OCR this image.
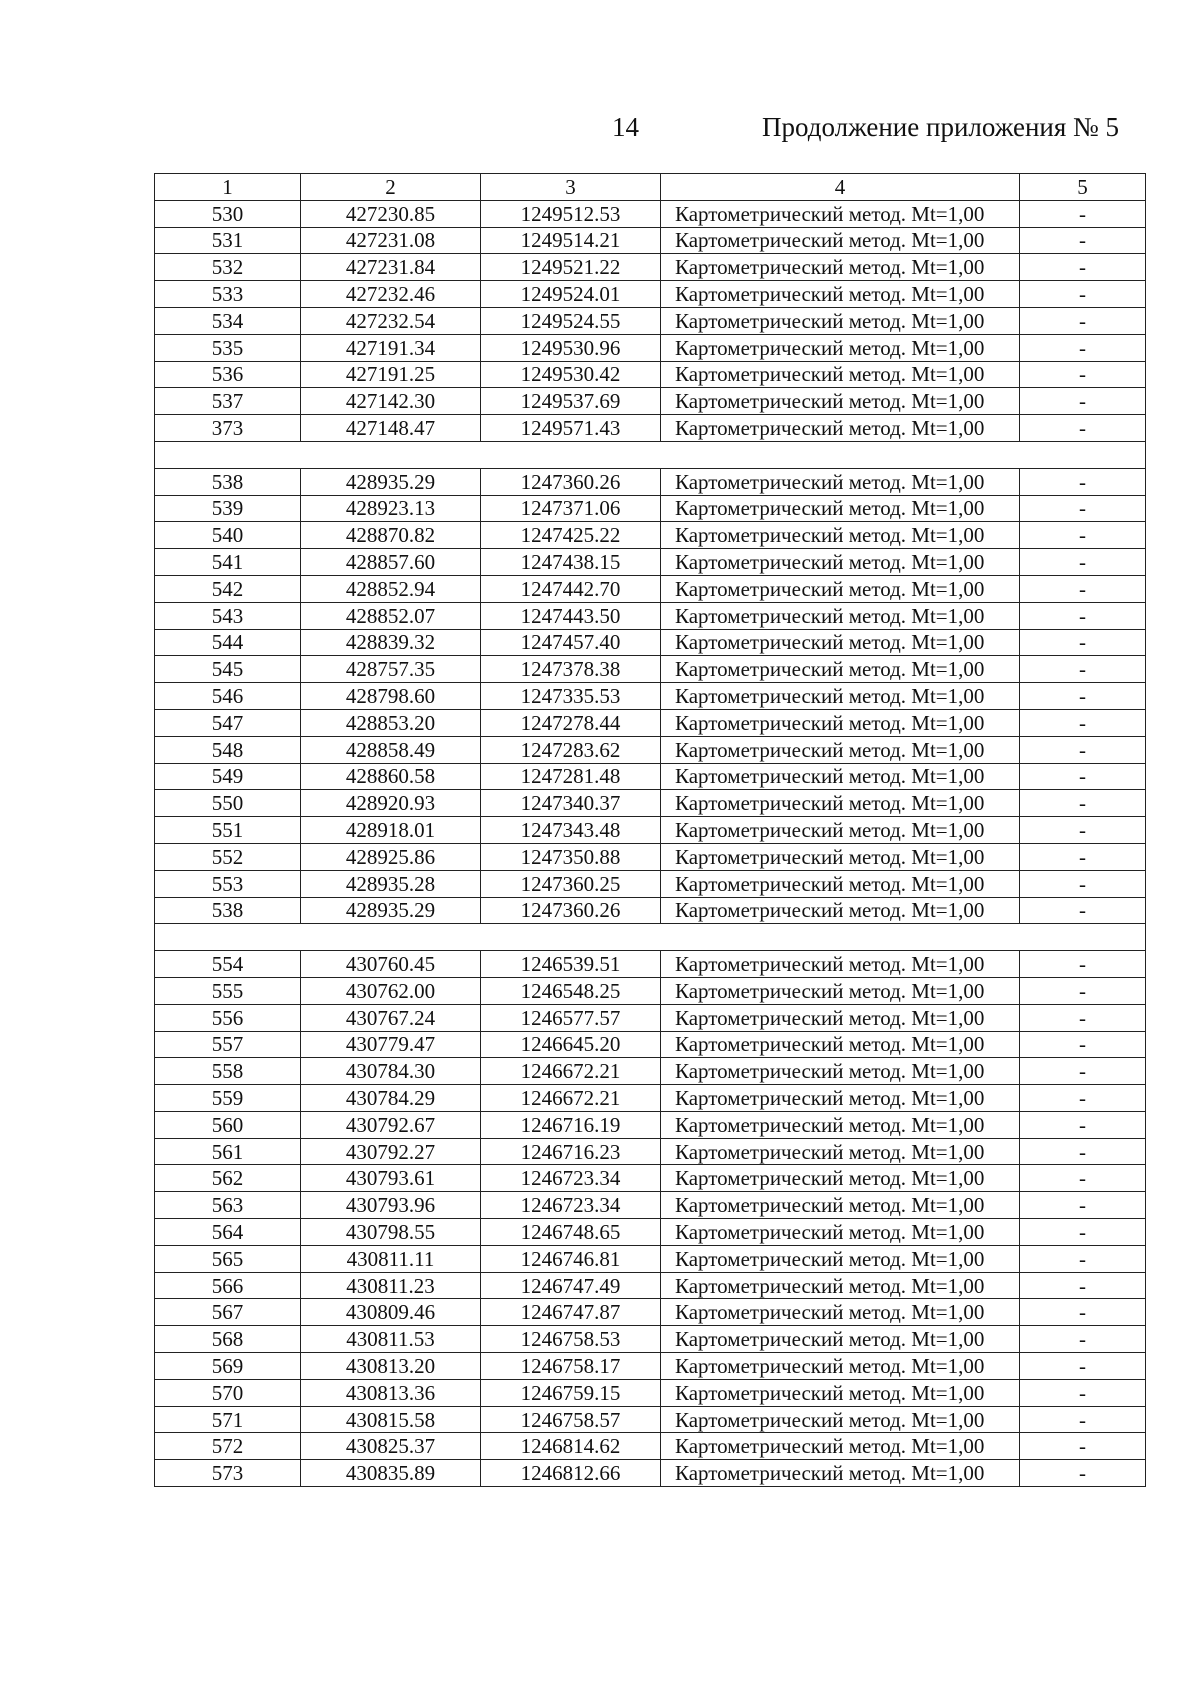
14	Продолжение приложения № 5
1	2	3	4	5
530	427230.85	1249512.53	Картометрический метод. Mt=1,00	-
531	427231.08	1249514.21	Картометрический метод. Mt=1,00	-
532	427231.84	1249521.22	Картометрический метод. Mt=1,00	-
533	427232.46	1249524.01	Картометрический метод. Mt=1,00	-
534	427232.54	1249524.55	Картометрический метод. Mt=1,00	-
535	427191.34	1249530.96	Картометрический метод. Mt=1,00	-
536	427191.25	1249530.42	Картометрический метод. Mt=1,00	-
537	427142.30	1249537.69	Картометрический метод. Mt=1,00	-
373	427148.47	1249571.43	Картометрический метод. Mt=1,00	-

538	428935.29	1247360.26	Картометрический метод. Mt=1,00	-
539	428923.13	1247371.06	Картометрический метод. Mt=1,00	-
540	428870.82	1247425.22	Картометрический метод. Mt=1,00	-
541	428857.60	1247438.15	Картометрический метод. Mt=1,00	-
542	428852.94	1247442.70	Картометрический метод. Mt=1,00	-
543	428852.07	1247443.50	Картометрический метод. Mt=1,00	-
544	428839.32	1247457.40	Картометрический метод. Mt=1,00	-
545	428757.35	1247378.38	Картометрический метод. Mt=1,00	-
546	428798.60	1247335.53	Картометрический метод. Mt=1,00	-
547	428853.20	1247278.44	Картометрический метод. Mt=1,00	-
548	428858.49	1247283.62	Картометрический метод. Mt=1,00	-
549	428860.58	1247281.48	Картометрический метод. Mt=1,00	-
550	428920.93	1247340.37	Картометрический метод. Mt=1,00	-
551	428918.01	1247343.48	Картометрический метод. Mt=1,00	-
552	428925.86	1247350.88	Картометрический метод. Mt=1,00	-
553	428935.28	1247360.25	Картометрический метод. Mt=1,00	-
538	428935.29	1247360.26	Картометрический метод. Mt=1,00	-

554	430760.45	1246539.51	Картометрический метод. Mt=1,00	-
555	430762.00	1246548.25	Картометрический метод. Mt=1,00	-
556	430767.24	1246577.57	Картометрический метод. Mt=1,00	-
557	430779.47	1246645.20	Картометрический метод. Mt=1,00	-
558	430784.30	1246672.21	Картометрический метод. Mt=1,00	-
559	430784.29	1246672.21	Картометрический метод. Mt=1,00	-
560	430792.67	1246716.19	Картометрический метод. Mt=1,00	-
561	430792.27	1246716.23	Картометрический метод. Mt=1,00	-
562	430793.61	1246723.34	Картометрический метод. Mt=1,00	-
563	430793.96	1246723.34	Картометрический метод. Mt=1,00	-
564	430798.55	1246748.65	Картометрический метод. Mt=1,00	-
565	430811.11	1246746.81	Картометрический метод. Mt=1,00	-
566	430811.23	1246747.49	Картометрический метод. Mt=1,00	-
567	430809.46	1246747.87	Картометрический метод. Mt=1,00	-
568	430811.53	1246758.53	Картометрический метод. Mt=1,00	-
569	430813.20	1246758.17	Картометрический метод. Mt=1,00	-
570	430813.36	1246759.15	Картометрический метод. Mt=1,00	-
571	430815.58	1246758.57	Картометрический метод. Mt=1,00	-
572	430825.37	1246814.62	Картометрический метод. Mt=1,00	-
573	430835.89	1246812.66	Картометрический метод. Mt=1,00	-
